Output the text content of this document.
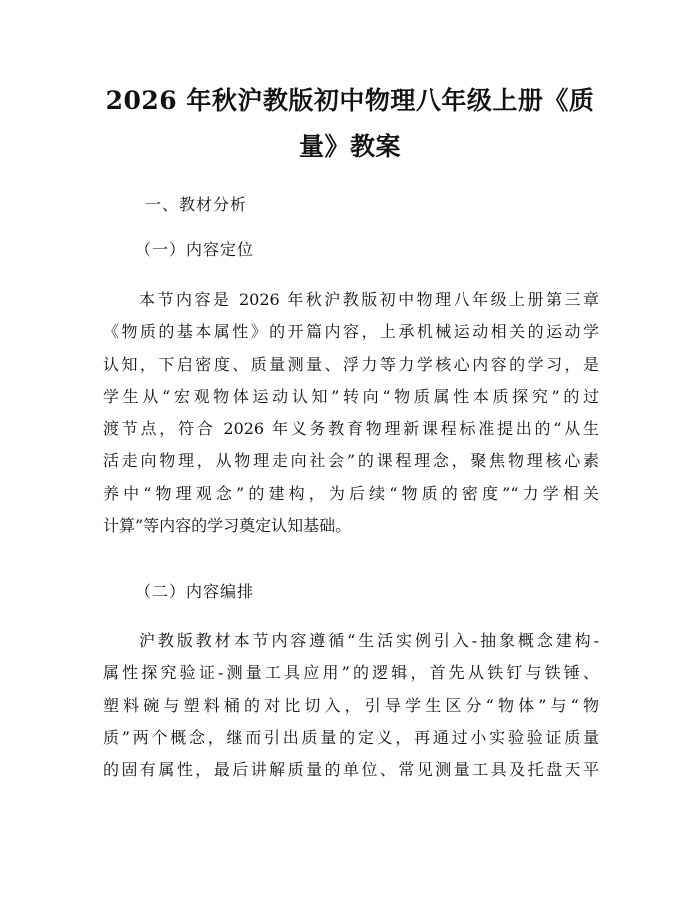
2026 年秋沪教版初中物理八年级上册《质
量》教案
一、教材分析
（一）内容定位
本节内容是 2026 年秋沪教版初中物理八年级上册第三章
《物质的基本属性》的开篇内容，上承机械运动相关的运动学
认知，下启密度、质量测量、浮力等力学核心内容的学习，是
学生从“宏观物体运动认知”转向“物质属性本质探究”的过
渡节点，符合 2026 年义务教育物理新课程标准提出的“从生
活走向物理，从物理走向社会”的课程理念，聚焦物理核心素
养中“物理观念”的建构，为后续“物质的密度”“力学相关
计算”等内容的学习奠定认知基础。
（二）内容编排
沪教版教材本节内容遵循“生活实例引入-抽象概念建构-
属性探究验证-测量工具应用”的逻辑，首先从铁钉与铁锤、
塑料碗与塑料桶的对比切入，引导学生区分“物体”与“物
质”两个概念，继而引出质量的定义，再通过小实验验证质量
的固有属性，最后讲解质量的单位、常见测量工具及托盘天平
